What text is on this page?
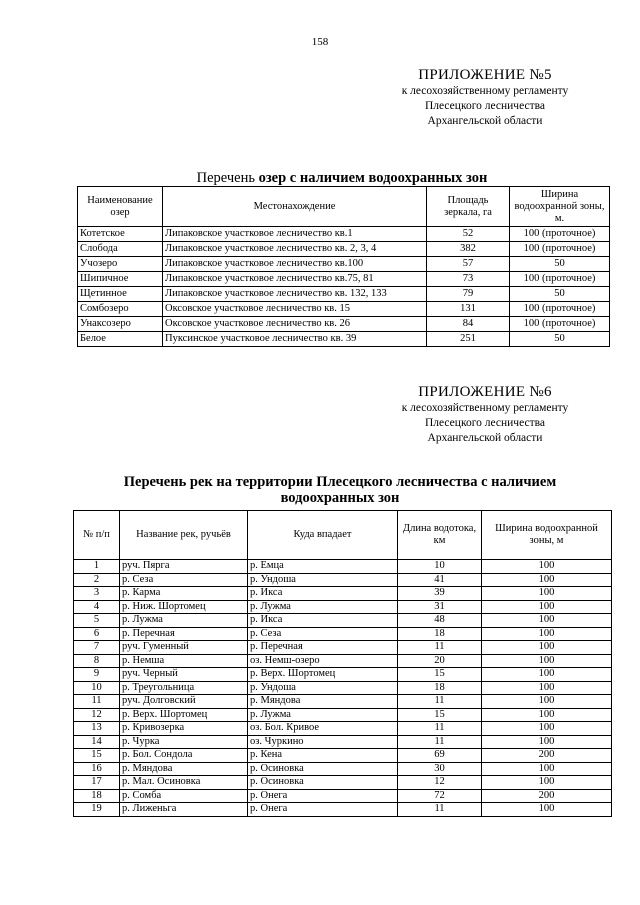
158
ПРИЛОЖЕНИЕ №5
к лесохозяйственному регламенту
Плесецкого лесничества
Архангельской области
Перечень озер с наличием водоохранных зон
Наименование озер	Местонахождение	Площадь зеркала, га	Ширина водоохранной зоны, м.
Котетское	Липаковское участковое лесничество кв.1	52	100 (проточное)
Слобода	Липаковское участковое лесничество кв. 2, 3, 4	382	100 (проточное)
Учозеро	Липаковское участковое лесничество кв.100	57	50
Шипичное	Липаковское участковое лесничество кв.75, 81	73	100 (проточное)
Щетинное	Липаковское участковое лесничество кв. 132, 133	79	50
Сомбозеро	Оксовское участковое лесничество кв. 15	131	100 (проточное)
Унаксозеро	Оксовское участковое лесничество кв. 26	84	100 (проточное)
Белое	Пуксинское участковое лесничество кв. 39	251	50
ПРИЛОЖЕНИЕ №6
к лесохозяйственному регламенту
Плесецкого лесничества
Архангельской области
Перечень рек на территории Плесецкого лесничества с наличием
водоохранных зон
№ п/п	Название рек, ручьёв	Куда впадает	Длина водотока, км	Ширина водоохранной зоны, м
1	руч. Пярга	р. Емца	10	100
2	р. Сеза	р. Ундоша	41	100
3	р. Карма	р. Икса	39	100
4	р. Ниж. Шортомец	р. Лужма	31	100
5	р. Лужма	р. Икса	48	100
6	р. Перечная	р. Сеза	18	100
7	руч. Гуменный	р. Перечная	11	100
8	р. Немша	оз. Немш-озеро	20	100
9	руч. Черный	р. Верх. Шортомец	15	100
10	р. Треугольница	р. Ундоша	18	100
11	руч. Долговский	р. Мяндова	11	100
12	р. Верх. Шортомец	р. Лужма	15	100
13	р. Кривозерка	оз. Бол. Кривое	11	100
14	р. Чурка	оз. Чуркино	11	100
15	р. Бол. Сондола	р. Кена	69	200
16	р. Мяндова	р. Осиновка	30	100
17	р. Мал. Осиновка	р. Осиновка	12	100
18	р. Сомба	р. Онега	72	200
19	р. Лиженьга	р. Онега	11	100
